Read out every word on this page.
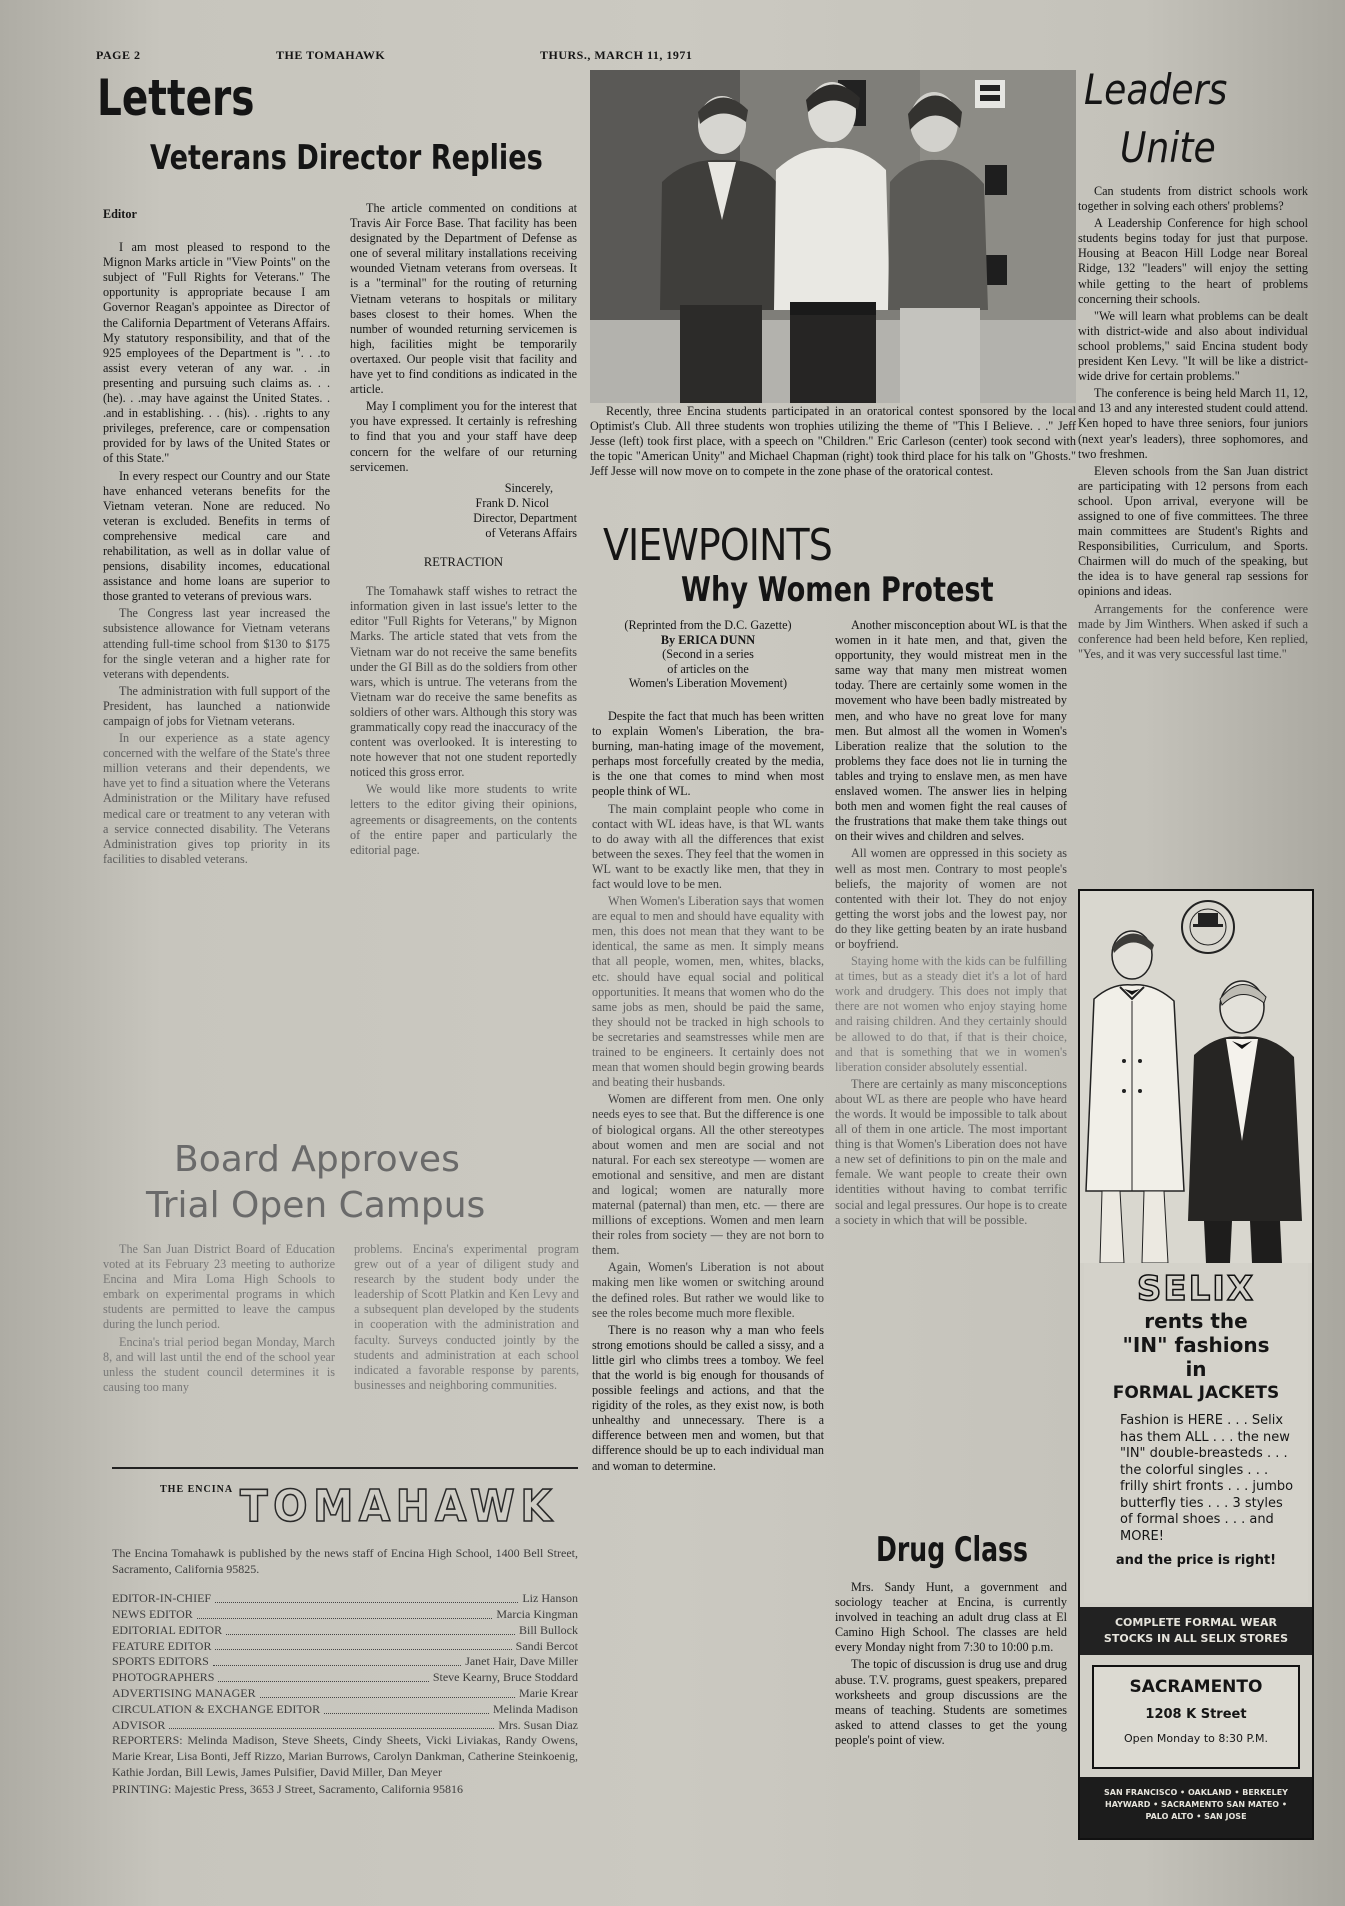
PAGE 2	THE TOMAHAWK	THURS., MARCH 11, 1971
Letters
Veterans Director Replies

Editor

I am most pleased to respond to the Mignon Marks article in "View Points" on the subject of "Full Rights for Veterans." The opportunity is appropriate because I am Governor Reagan's appointee as Director of the California Department of Veterans Affairs. My statutory responsibility, and that of the 925 employees of the Department is ". . .to assist every veteran of any war. . .in presenting and pursuing such claims as. . . (he). . .may have against the United States. . .and in establishing. . . (his). . .rights to any privileges, preference, care or compensation provided for by laws of the United States or of this State."

In every respect our Country and our State have enhanced veterans benefits for the Vietnam veteran. None are reduced. No veteran is excluded. Benefits in terms of comprehensive medical care and rehabilitation, as well as in dollar value of pensions, disability incomes, educational assistance and home loans are superior to those granted to veterans of previous wars.

The Congress last year increased the subsistence allowance for Vietnam veterans attending full-time school from $130 to $175 for the single veteran and a higher rate for veterans with dependents.

The administration with full support of the President, has launched a nationwide campaign of jobs for Vietnam veterans.

In our experience as a state agency concerned with the welfare of the State's three million veterans and their dependents, we have yet to find a situation where the Veterans Administration or the Military have refused medical care or treatment to any veteran with a service connected disability. The Veterans Administration gives top priority in its facilities to disabled veterans.

The article commented on conditions at Travis Air Force Base. That facility has been designated by the Department of Defense as one of several military installations receiving wounded Vietnam veterans from overseas. It is a "terminal" for the routing of returning Vietnam veterans to hospitals or military bases closest to their homes. When the number of wounded returning servicemen is high, facilities might be temporarily overtaxed. Our people visit that facility and have yet to find conditions as indicated in the article.

May I compliment you for the interest that you have expressed. It certainly is refreshing to find that you and your staff have deep concern for the welfare of our returning servicemen.

Sincerely,
Frank D. Nicol
Director, Department
of Veterans Affairs
RETRACTION

The Tomahawk staff wishes to retract the information given in last issue's letter to the editor "Full Rights for Veterans," by Mignon Marks. The article stated that vets from the Vietnam war do not receive the same benefits under the GI Bill as do the soldiers from other wars, which is untrue. The veterans from the Vietnam war do receive the same benefits as soldiers of other wars. Although this story was grammatically copy read the inaccuracy of the content was overlooked. It is interesting to note however that not one student reportedly noticed this gross error.

We would like more students to write letters to the editor giving their opinions, agreements or disagreements, on the contents of the entire paper and particularly the editorial page.

Board Approves
Trial Open Campus

The San Juan District Board of Education voted at its February 23 meeting to authorize Encina and Mira Loma High Schools to embark on experimental programs in which students are permitted to leave the campus during the lunch period.

Encina's trial period began Monday, March 8, and will last until the end of the school year unless the student council determines it is causing too many

problems. Encina's experimental program grew out of a year of diligent study and research by the student body under the leadership of Scott Platkin and Ken Levy and a subsequent plan developed by the students in cooperation with the administration and faculty. Surveys conducted jointly by the students and administration at each school indicated a favorable response by parents, businesses and neighboring communities.

THE ENCINA TOMAHAWK

The Encina Tomahawk is published by the news staff of Encina High School, 1400 Bell Street, Sacramento, California 95825.

EDITOR-IN-CHIEF	Liz Hanson
NEWS EDITOR	Marcia Kingman
EDITORIAL EDITOR	Bill Bullock
FEATURE EDITOR	Sandi Bercot
SPORTS EDITORS	Janet Hair, Dave Miller
PHOTOGRAPHERS	Steve Kearny, Bruce Stoddard
ADVERTISING MANAGER	Marie Krear
CIRCULATION & EXCHANGE EDITOR	Melinda Madison
ADVISOR	Mrs. Susan Diaz

REPORTERS: Melinda Madison, Steve Sheets, Cindy Sheets, Vicki Liviakas, Randy Owens, Marie Krear, Lisa Bonti, Jeff Rizzo, Marian Burrows, Carolyn Dankman, Catherine Steinkoenig, Kathie Jordan, Bill Lewis, James Pulsifier, David Miller, Dan Meyer

PRINTING: Majestic Press, 3653 J Street, Sacramento, California 95816

Recently, three Encina students participated in an oratorical contest sponsored by the local Optimist's Club. All three students won trophies utilizing the theme of "This I Believe. . ." Jeff Jesse (left) took first place, with a speech on "Children." Eric Carleson (center) took second with the topic "American Unity" and Michael Chapman (right) took third place for his talk on "Ghosts." Jeff Jesse will now move on to compete in the zone phase of the oratorical contest.

VIEWPOINTS
Why Women Protest
(Reprinted from the D.C. Gazette)
By ERICA DUNN
(Second in a series
of articles on the
Women's Liberation Movement)

Despite the fact that much has been written to explain Women's Liberation, the bra-burning, man-hating image of the movement, perhaps most forcefully created by the media, is the one that comes to mind when most people think of WL.

The main complaint people who come in contact with WL ideas have, is that WL wants to do away with all the differences that exist between the sexes. They feel that the women in WL want to be exactly like men, that they in fact would love to be men.

When Women's Liberation says that women are equal to men and should have equality with men, this does not mean that they want to be identical, the same as men. It simply means that all people, women, men, whites, blacks, etc. should have equal social and political opportunities. It means that women who do the same jobs as men, should be paid the same, they should not be tracked in high schools to be secretaries and seamstresses while men are trained to be engineers. It certainly does not mean that women should begin growing beards and beating their husbands.

Women are different from men. One only needs eyes to see that. But the difference is one of biological organs. All the other stereotypes about women and men are social and not natural. For each sex stereotype — women are emotional and sensitive, and men are distant and logical; women are naturally more maternal (paternal) than men, etc. — there are millions of exceptions. Women and men learn their roles from society — they are not born to them.

Again, Women's Liberation is not about making men like women or switching around the defined roles. But rather we would like to see the roles become much more flexible.

There is no reason why a man who feels strong emotions should be called a sissy, and a little girl who climbs trees a tomboy. We feel that the world is big enough for thousands of possible feelings and actions, and that the rigidity of the roles, as they exist now, is both unhealthy and unnecessary. There is a difference between men and women, but that difference should be up to each individual man and woman to determine.

Another misconception about WL is that the women in it hate men, and that, given the opportunity, they would mistreat men in the same way that many men mistreat women today. There are certainly some women in the movement who have been badly mistreated by men, and who have no great love for many men. But almost all the women in Women's Liberation realize that the solution to the problems they face does not lie in turning the tables and trying to enslave men, as men have enslaved women. The answer lies in helping both men and women fight the real causes of the frustrations that make them take things out on their wives and children and selves.

All women are oppressed in this society as well as most men. Contrary to most people's beliefs, the majority of women are not contented with their lot. They do not enjoy getting the worst jobs and the lowest pay, nor do they like getting beaten by an irate husband or boyfriend.

Staying home with the kids can be fulfilling at times, but as a steady diet it's a lot of hard work and drudgery. This does not imply that there are not women who enjoy staying home and raising children. And they certainly should be allowed to do that, if that is their choice, and that is something that we in women's liberation consider absolutely essential.

There are certainly as many misconceptions about WL as there are people who have heard the words. It would be impossible to talk about all of them in one article. The most important thing is that Women's Liberation does not have a new set of definitions to pin on the male and female. We want people to create their own identities without having to combat terrific social and legal pressures. Our hope is to create a society in which that will be possible.

Drug Class

Mrs. Sandy Hunt, a government and sociology teacher at Encina, is currently involved in teaching an adult drug class at El Camino High School. The classes are held every Monday night from 7:30 to 10:00 p.m.

The topic of discussion is drug use and drug abuse. T.V. programs, guest speakers, prepared worksheets and group discussions are the means of teaching. Students are sometimes asked to attend classes to get the young people's point of view.

Leaders
Unite

Can students from district schools work together in solving each others' problems?

A Leadership Conference for high school students begins today for just that purpose. Housing at Beacon Hill Lodge near Boreal Ridge, 132 "leaders" will enjoy the setting while getting to the heart of problems concerning their schools.

"We will learn what problems can be dealt with district-wide and also about individual school problems," said Encina student body president Ken Levy. "It will be like a district-wide drive for certain problems."

The conference is being held March 11, 12, and 13 and any interested student could attend. Ken hoped to have three seniors, four juniors (next year's leaders), three sophomores, and two freshmen.

Eleven schools from the San Juan district are participating with 12 persons from each school. Upon arrival, everyone will be assigned to one of five committees. The three main committees are Student's Rights and Responsibilities, Curriculum, and Sports. Chairmen will do much of the speaking, but the idea is to have general rap sessions for opinions and ideas.

Arrangements for the conference were made by Jim Winthers. When asked if such a conference had been held before, Ken replied, "Yes, and it was very successful last time."

SELIX
rents the
"IN" fashions
in
FORMAL JACKETS
Fashion is HERE . . . Selix has them ALL . . . the new "IN" double-breasteds . . . the colorful singles . . . frilly shirt fronts . . . jumbo butterfly ties . . . 3 styles of formal shoes . . . and MORE!
and the price is right!
COMPLETE FORMAL WEAR STOCKS IN ALL SELIX STORES
SACRAMENTO
1208 K Street
Open Monday to 8:30 P.M.
SAN FRANCISCO • OAKLAND • BERKELEY HAYWARD • SACRAMENTO SAN MATEO • PALO ALTO • SAN JOSE
